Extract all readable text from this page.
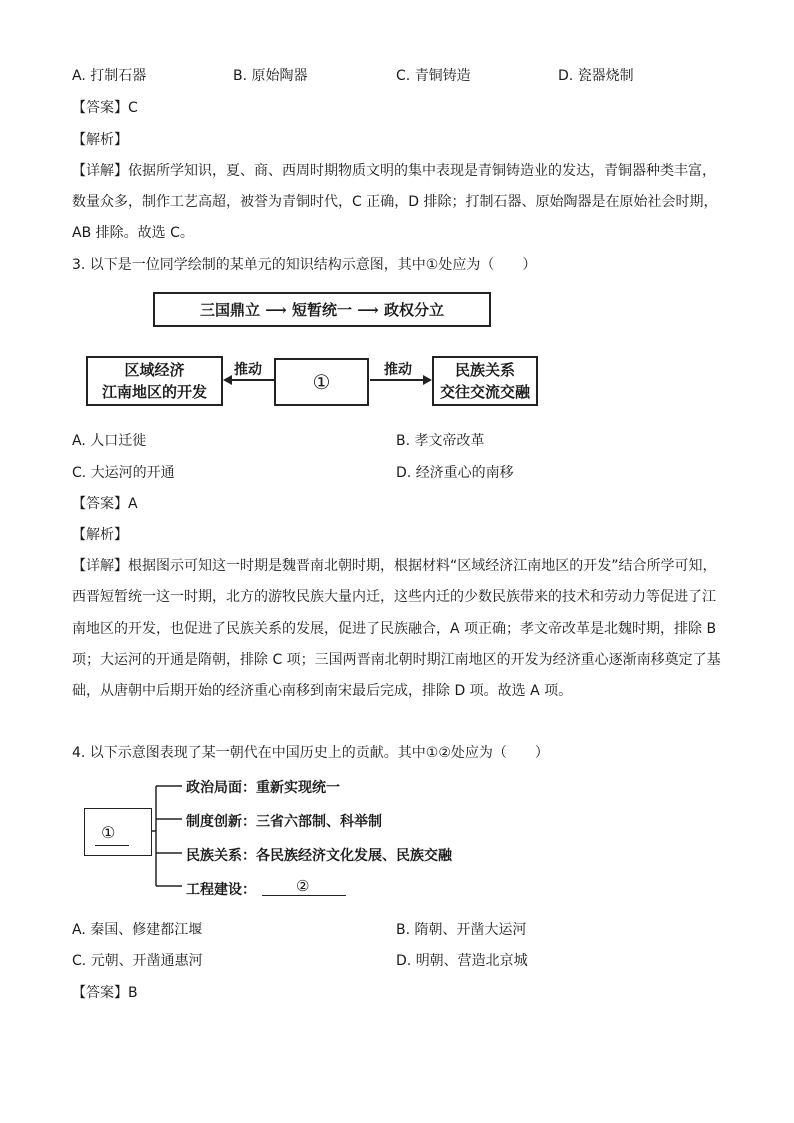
A. 打制石器	B. 原始陶器	C. 青铜铸造	D. 瓷器烧制
【答案】C
【解析】
【详解】依据所学知识，夏、商、西周时期物质文明的集中表现是青铜铸造业的发达，青铜器种类丰富，
数量众多，制作工艺高超，被誉为青铜时代，C 正确，D 排除；打制石器、原始陶器是在原始社会时期，
AB 排除。故选 C。
3. 以下是一位同学绘制的某单元的知识结构示意图，其中①处应为（　　）
三国鼎立 ⟶ 短暂统一 ⟶ 政权分立
区域经济
江南地区的开发	①	民族关系
交往交流交融
推动	推动
A. 人口迁徙	B. 孝文帝改革
C. 大运河的开通	D. 经济重心的南移
【答案】A
【解析】
【详解】根据图示可知这一时期是魏晋南北朝时期，根据材料“区域经济江南地区的开发”结合所学可知，
西晋短暂统一这一时期，北方的游牧民族大量内迁，这些内迁的少数民族带来的技术和劳动力等促进了江
南地区的开发，也促进了民族关系的发展，促进了民族融合，A 项正确；孝文帝改革是北魏时期，排除 B
项；大运河的开通是隋朝，排除 C 项；三国两晋南北朝时期江南地区的开发为经济重心逐渐南移奠定了基
础，从唐朝中后期开始的经济重心南移到南宋最后完成，排除 D 项。故选 A 项。
4. 以下示意图表现了某一朝代在中国历史上的贡献。其中①②处应为（　　）
①
政治局面：重新实现统一
制度创新：三省六部制、科举制
民族关系：各民族经济文化发展、民族交融
工程建设：	②
A. 秦国、修建都江堰	B. 隋朝、开凿大运河
C. 元朝、开凿通惠河	D. 明朝、营造北京城
【答案】B
